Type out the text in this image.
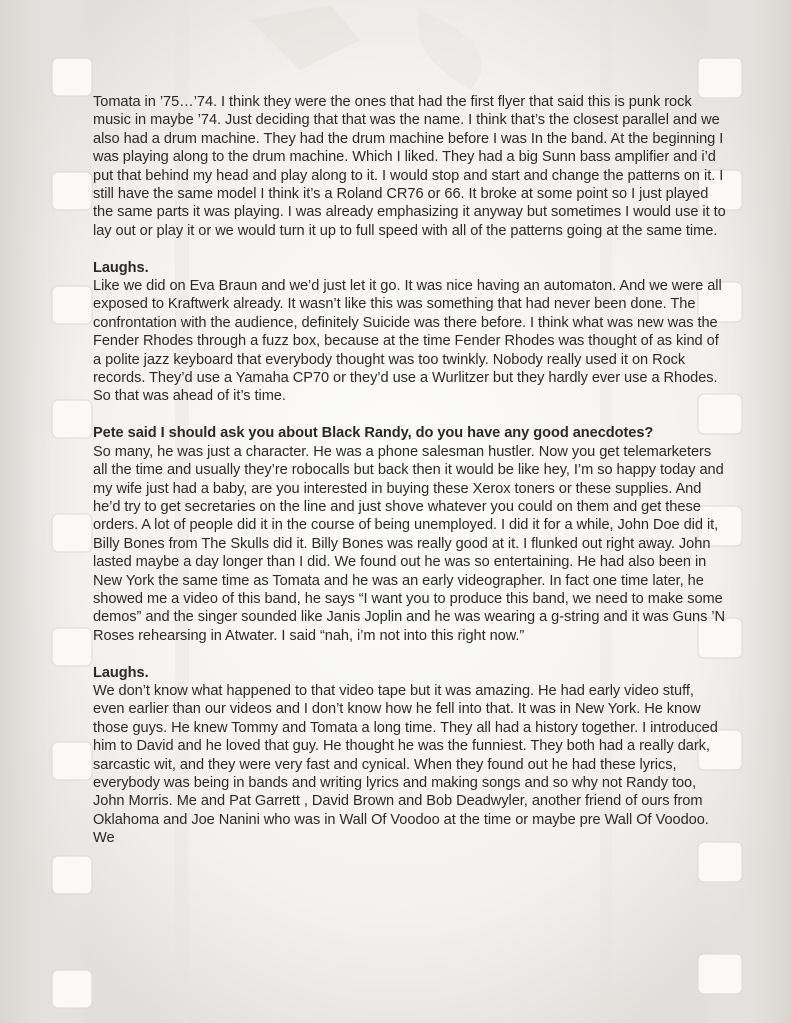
Tomata in ’75…’74. I think they were the ones that had the first flyer that said this is punk rock music in maybe ’74. Just deciding that that was the name. I think that’s the closest parallel and we also had a drum machine. They had the drum machine before I was In the band. At the beginning I was playing along to the drum machine. Which I liked. They had a big Sunn bass amplifier and i’d put that behind my head and play along to it. I would stop and start and change the patterns on it. I still have the same model I think it’s a Roland CR76 or 66. It broke at some point so I just played the same parts it was playing. I was already emphasizing it anyway but sometimes I would use it to lay out or play it or we would turn it up to full speed with all of the patterns going at the same time.

Laughs.

Like we did on Eva Braun and we’d just let it go. It was nice having an automaton. And we were all exposed to Kraftwerk already. It wasn’t like this was something that had never been done. The confrontation with the audience, definitely Suicide was there before. I think what was new was the Fender Rhodes through a fuzz box, because at the time Fender Rhodes was thought of as kind of a polite jazz keyboard that everybody thought was too twinkly. Nobody really used it on Rock records. They’d use a Yamaha CP70 or they’d use a Wurlitzer but they hardly ever use a Rhodes. So that was ahead of it’s time.

Pete said I should ask you about Black Randy, do you have any good anecdotes?

So many, he was just a character. He was a phone salesman hustler. Now you get telemarketers all the time and usually they’re robocalls but back then it would be like hey, I’m so happy today and my wife just had a baby, are you interested in buying these Xerox toners or these supplies. And he’d try to get secretaries on the line and just shove whatever you could on them and get these orders. A lot of people did it in the course of being unemployed. I did it for a while, John Doe did it, Billy Bones from The Skulls did it. Billy Bones was really good at it. I flunked out right away. John lasted maybe a day longer than I did. We found out he was so entertaining. He had also been in New York the same time as Tomata and he was an early videographer. In fact one time later, he showed me a video of this band, he says “I want you to produce this band, we need to make some demos” and the singer sounded like Janis Joplin and he was wearing a g-string and it was Guns ’N Roses rehearsing in Atwater. I said “nah, i’m not into this right now.”

Laughs.

We don’t know what happened to that video tape but it was amazing. He had early video stuff, even earlier than our videos and I don’t know how he fell into that. It was in New York. He know those guys. He knew Tommy and Tomata a long time. They all had a history together. I introduced him to David and he loved that guy. He thought he was the funniest. They both had a really dark, sarcastic wit, and they were very fast and cynical. When they found out he had these lyrics, everybody was being in bands and writing lyrics and making songs and so why not Randy too, John Morris. Me and Pat Garrett , David Brown and Bob Deadwyler, another friend of ours from Oklahoma and Joe Nanini who was in Wall Of Voodoo at the time or maybe pre Wall Of Voodoo. We
